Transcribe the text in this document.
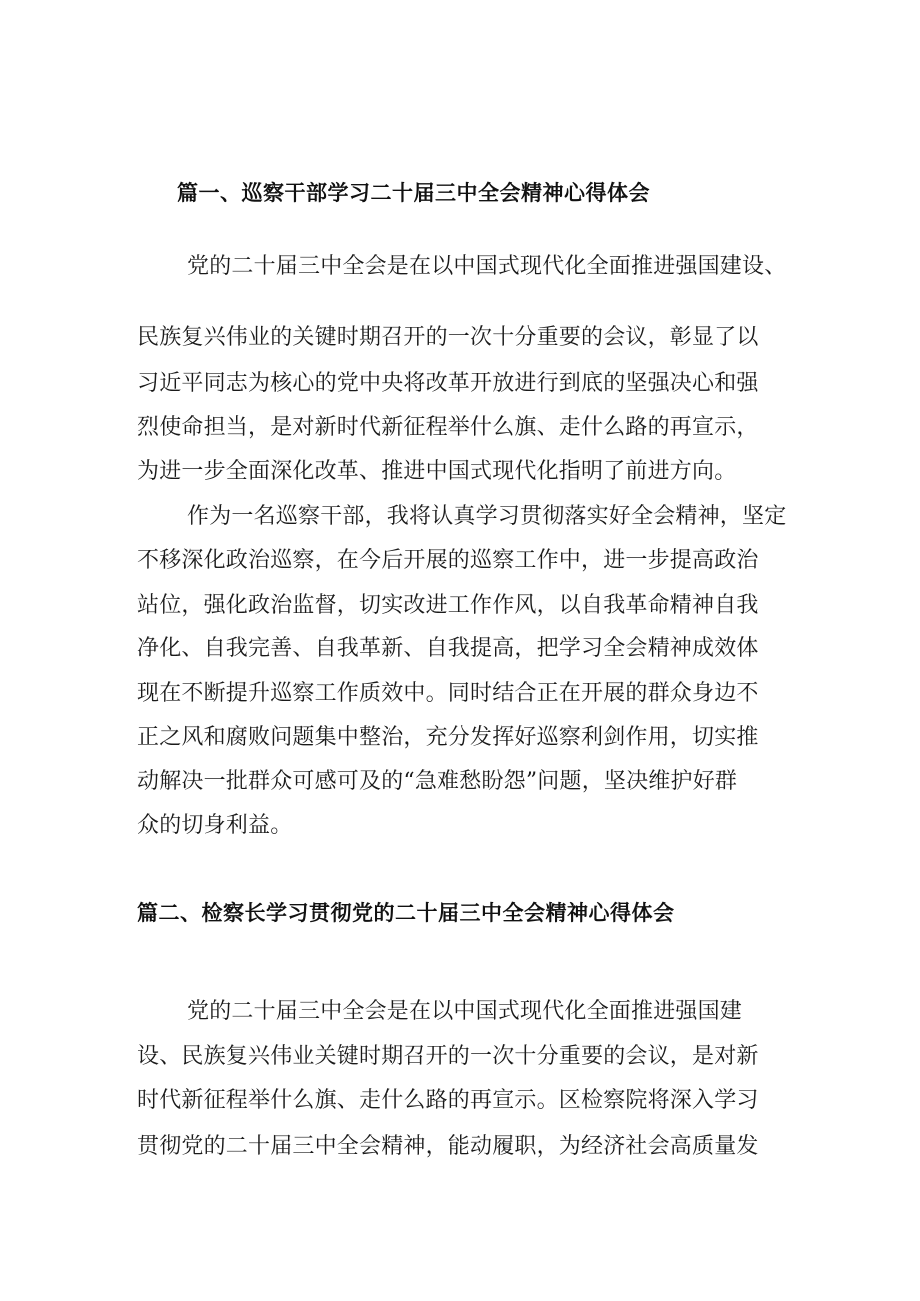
篇一、巡察干部学习二十届三中全会精神心得体会
党的二十届三中全会是在以中国式现代化全面推进强国建设、
民族复兴伟业的关键时期召开的一次十分重要的会议，彰显了以
习近平同志为核心的党中央将改革开放进行到底的坚强决心和强
烈使命担当，是对新时代新征程举什么旗、走什么路的再宣示，
为进一步全面深化改革、推进中国式现代化指明了前进方向。
作为一名巡察干部，我将认真学习贯彻落实好全会精神，坚定
不移深化政治巡察，在今后开展的巡察工作中，进一步提高政治
站位，强化政治监督，切实改进工作作风，以自我革命精神自我
净化、自我完善、自我革新、自我提高，把学习全会精神成效体
现在不断提升巡察工作质效中。同时结合正在开展的群众身边不
正之风和腐败问题集中整治，充分发挥好巡察利剑作用，切实推
动解决一批群众可感可及的“急难愁盼怨”问题，坚决维护好群
众的切身利益。
篇二、检察长学习贯彻党的二十届三中全会精神心得体会
党的二十届三中全会是在以中国式现代化全面推进强国建
设、民族复兴伟业关键时期召开的一次十分重要的会议，是对新
时代新征程举什么旗、走什么路的再宣示。区检察院将深入学习
贯彻党的二十届三中全会精神，能动履职，为经济社会高质量发
